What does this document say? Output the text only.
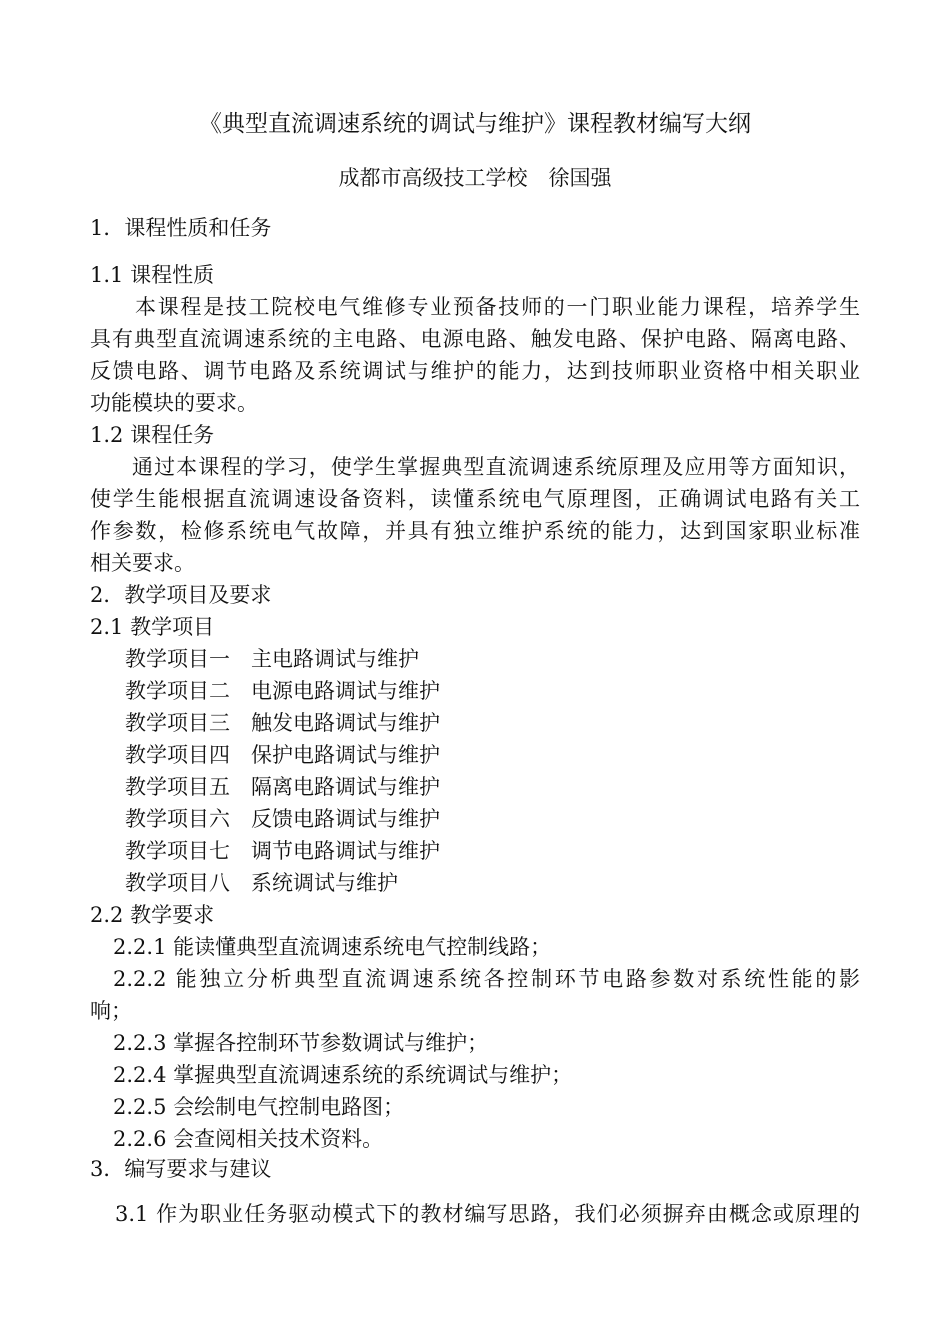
《典型直流调速系统的调试与维护》课程教材编写大纲
成都市高级技工学校　徐国强
1．课程性质和任务
1.1 课程性质
本课程是技工院校电气维修专业预备技师的一门职业能力课程，培养学生
具有典型直流调速系统的主电路、电源电路、触发电路、保护电路、隔离电路、
反馈电路、调节电路及系统调试与维护的能力，达到技师职业资格中相关职业
功能模块的要求。
1.2 课程任务
通过本课程的学习，使学生掌握典型直流调速系统原理及应用等方面知识，
使学生能根据直流调速设备资料，读懂系统电气原理图，正确调试电路有关工
作参数，检修系统电气故障，并具有独立维护系统的能力，达到国家职业标准
相关要求。
2．教学项目及要求
2.1 教学项目
教学项目一　主电路调试与维护
教学项目二　电源电路调试与维护
教学项目三　触发电路调试与维护
教学项目四　保护电路调试与维护
教学项目五　隔离电路调试与维护
教学项目六　反馈电路调试与维护
教学项目七　调节电路调试与维护
教学项目八　系统调试与维护
2.2 教学要求
2.2.1 能读懂典型直流调速系统电气控制线路；
2.2.2 能独立分析典型直流调速系统各控制环节电路参数对系统性能的影
响；
2.2.3 掌握各控制环节参数调试与维护；
2.2.4 掌握典型直流调速系统的系统调试与维护；
2.2.5 会绘制电气控制电路图；
2.2.6 会查阅相关技术资料。
3．编写要求与建议
3.1 作为职业任务驱动模式下的教材编写思路，我们必须摒弃由概念或原理的
